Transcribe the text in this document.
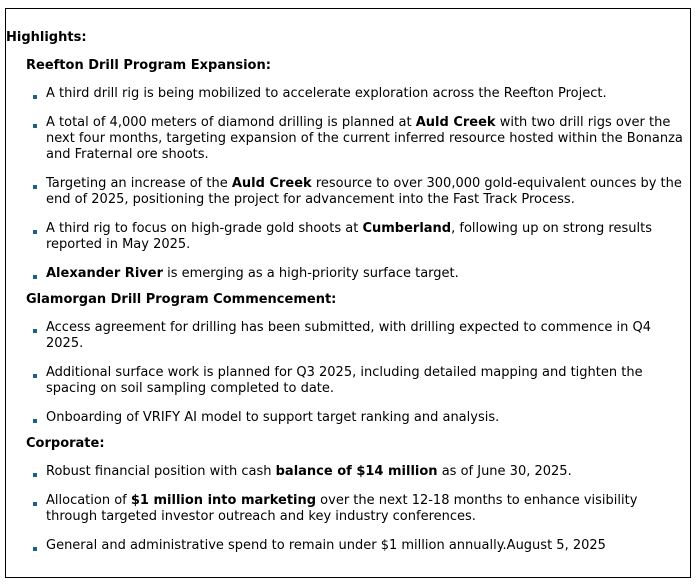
Highlights:
Reefton Drill Program Expansion:
A third drill rig is being mobilized to accelerate exploration across the Reefton Project.
A total of 4,000 meters of diamond drilling is planned at Auld Creek with two drill rigs over the next four months, targeting expansion of the current inferred resource hosted within the Bonanza and Fraternal ore shoots.
Targeting an increase of the Auld Creek resource to over 300,000 gold-equivalent ounces by the end of 2025, positioning the project for advancement into the Fast Track Process.
A third rig to focus on high-grade gold shoots at Cumberland, following up on strong results reported in May 2025.
Alexander River is emerging as a high-priority surface target.
Glamorgan Drill Program Commencement:
Access agreement for drilling has been submitted, with drilling expected to commence in Q4 2025.
Additional surface work is planned for Q3 2025, including detailed mapping and tighten the spacing on soil sampling completed to date.
Onboarding of VRIFY AI model to support target ranking and analysis.
Corporate:
Robust financial position with cash balance of $14 million as of June 30, 2025.
Allocation of $1 million into marketing over the next 12-18 months to enhance visibility through targeted investor outreach and key industry conferences.
General and administrative spend to remain under $1 million annually.August 5, 2025
